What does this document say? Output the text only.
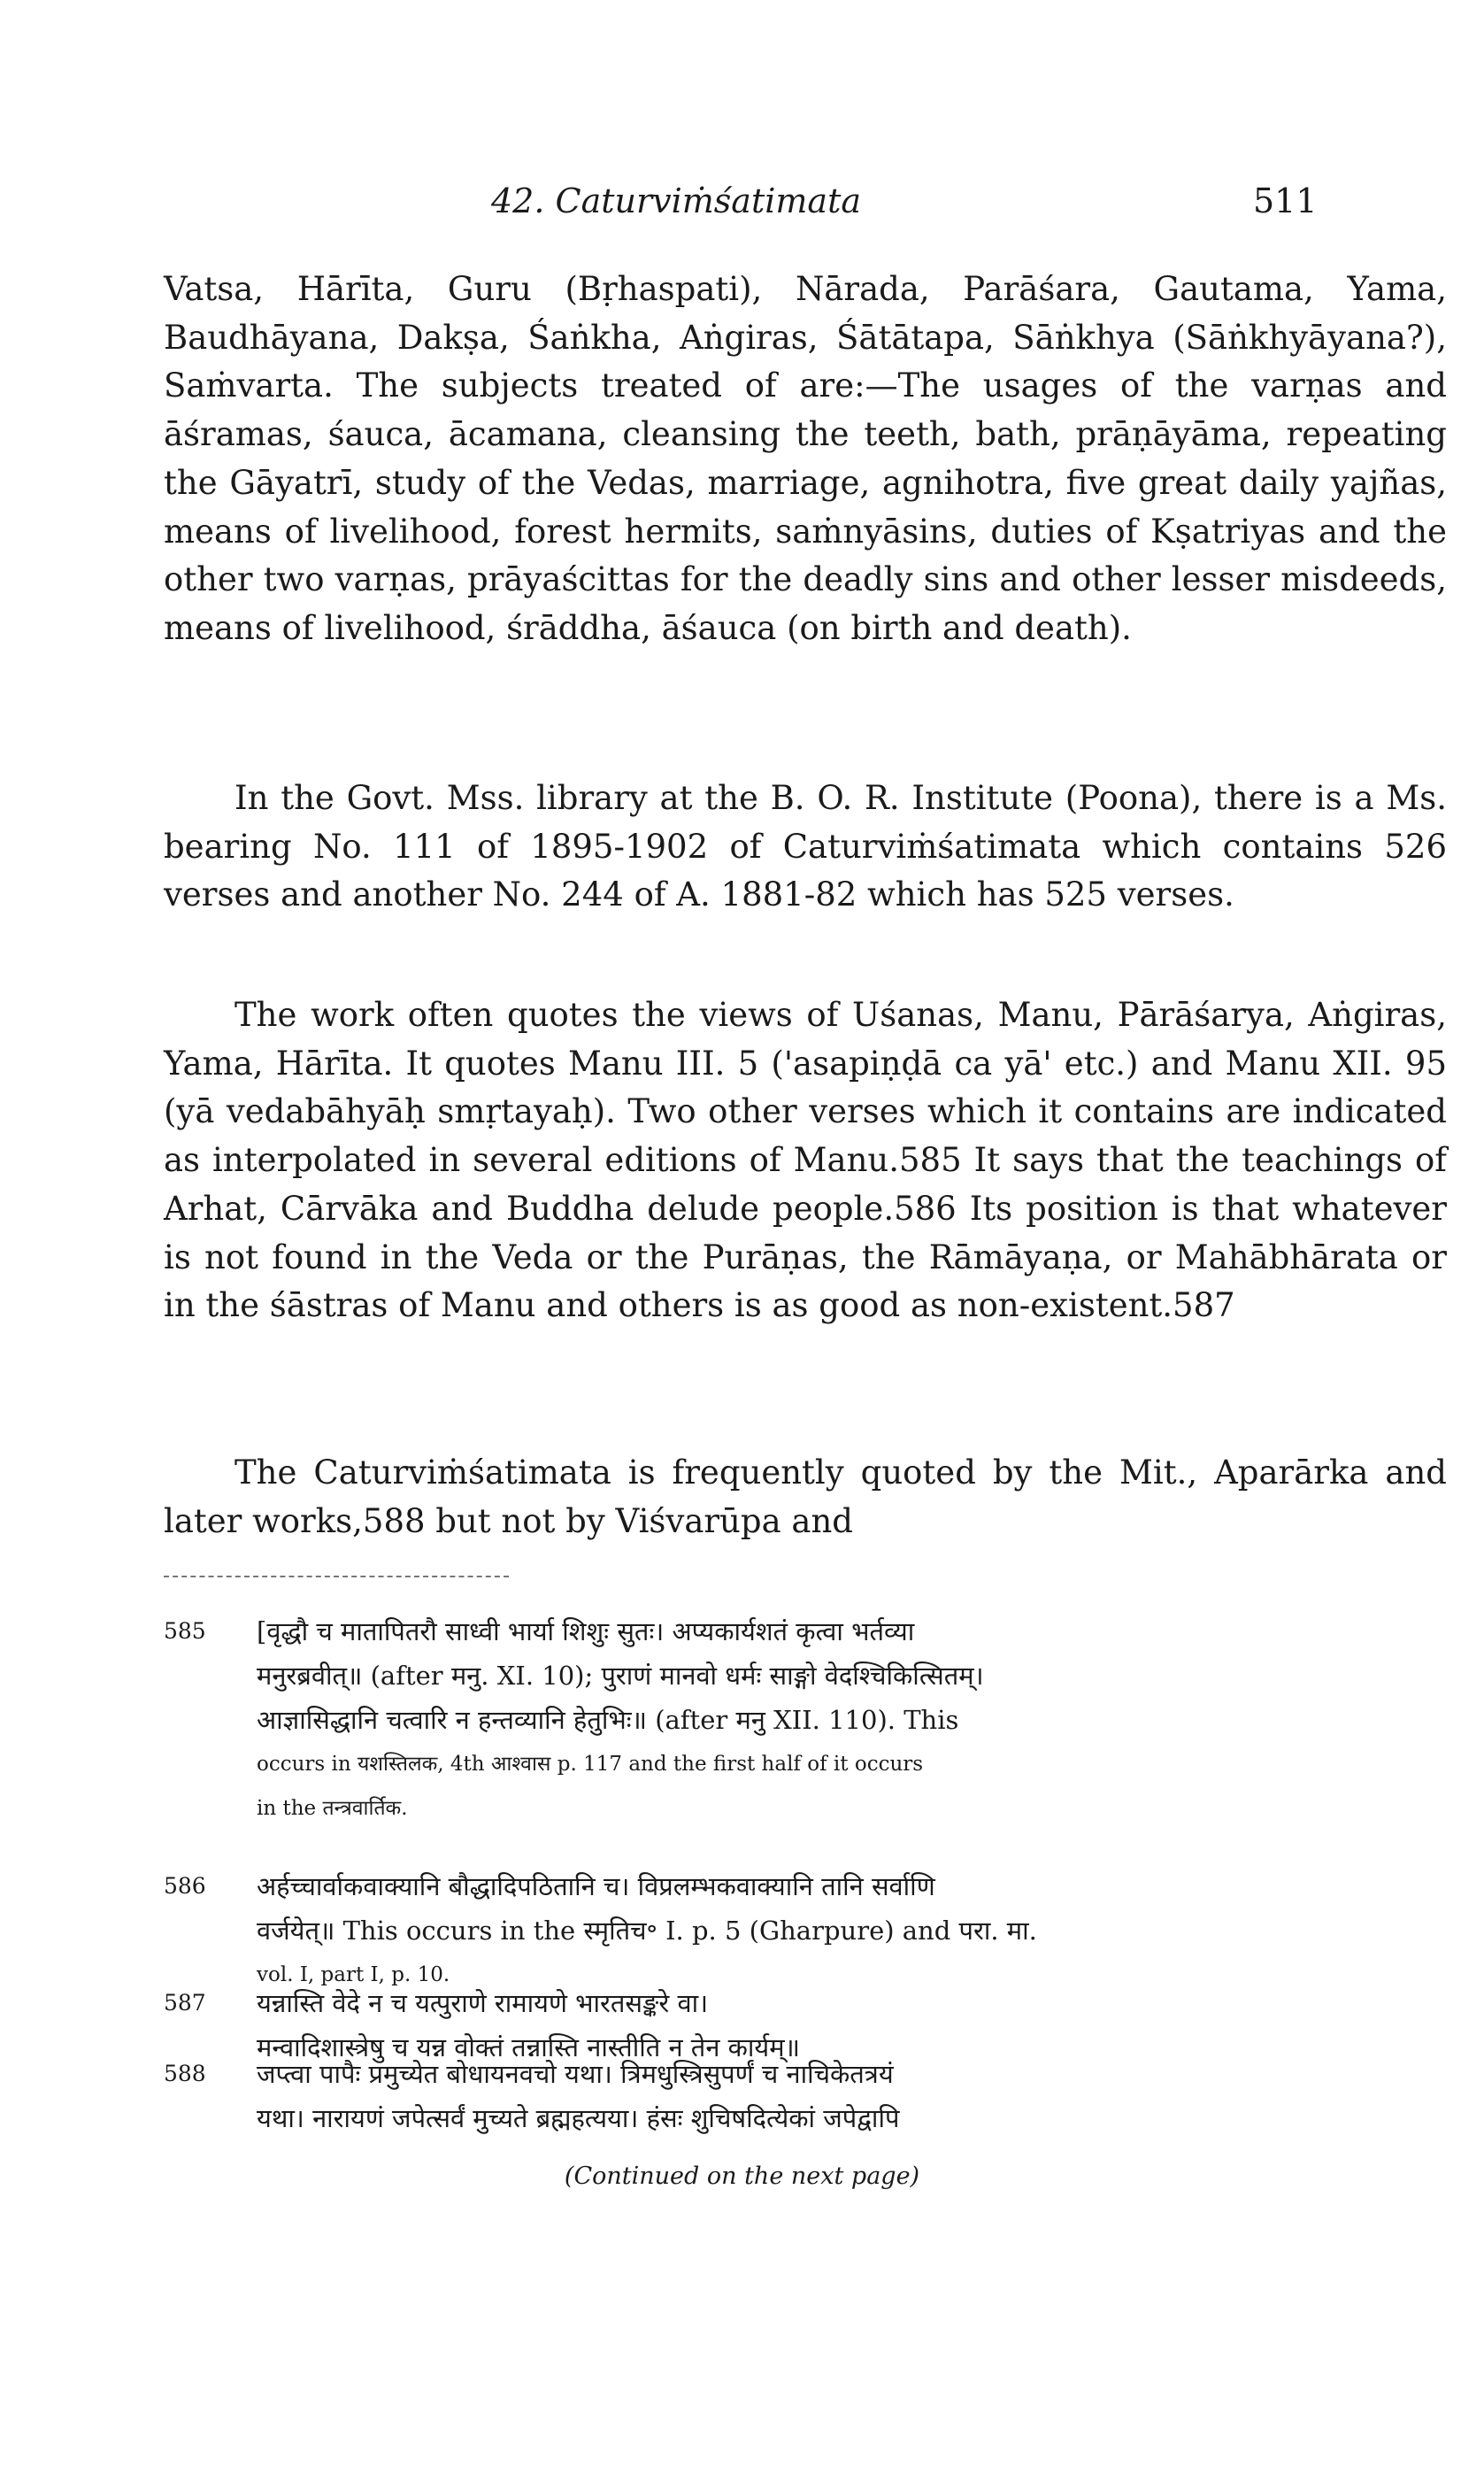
42. Caturviṁśatimata	511
Vatsa, Hārīta, Guru (Bṛhaspati), Nārada, Parāśara, Gautama, Yama, Baudhāyana, Dakṣa, Śaṅkha, Aṅgiras, Śātātapa, Sāṅkhya (Sāṅkhyāyana?), Saṁvarta. The subjects treated of are:—The usages of the varṇas and āśramas, śauca, ācamana, cleansing the teeth, bath, prāṇāyāma, repeating the Gāyatrī, study of the Vedas, marriage, agnihotra, five great daily yajñas, means of livelihood, forest hermits, saṁnyāsins, duties of Kṣatriyas and the other two varṇas, prāyaścittas for the deadly sins and other lesser misdeeds, means of livelihood, śrāddha, āśauca (on birth and death).
In the Govt. Mss. library at the B. O. R. Institute (Poona), there is a Ms. bearing No. 111 of 1895-1902 of Caturviṁśatimata which contains 526 verses and another No. 244 of A. 1881-82 which has 525 verses.
The work often quotes the views of Uśanas, Manu, Pārāśarya, Aṅgiras, Yama, Hārīta. It quotes Manu III. 5 ('asapiṇḍā ca yā' etc.) and Manu XII. 95 (yā vedabāhyāḥ smṛtayaḥ). Two other verses which it contains are indicated as interpolated in several editions of Manu.585 It says that the teachings of Arhat, Cārvāka and Buddha delude people.586 Its position is that whatever is not found in the Veda or the Purāṇas, the Rāmāyaṇa, or Mahābhārata or in the śāstras of Manu and others is as good as non-existent.587
The Caturviṁśatimata is frequently quoted by the Mit., Aparārka and later works,588 but not by Viśvarūpa and
585	[वृद्धौ च मातापितरौ साध्वी भार्या शिशुः सुतः। अप्यकार्यशतं कृत्वा भर्तव्या
मनुरब्रवीत्॥ (after मनु. XI. 10); पुराणं मानवो धर्मः साङ्गो वेदश्चिकित्सितम्।
आज्ञासिद्धानि चत्वारि न हन्तव्यानि हेतुभिः॥ (after मनु XII. 110). This
occurs in यशस्तिलक, 4th आश्वास p. 117 and the first half of it occurs
in the तन्त्रवार्तिक.
586	अर्हच्चार्वाकवाक्यानि बौद्धादिपठितानि च। विप्रलम्भकवाक्यानि तानि सर्वाणि
वर्जयेत्॥ This occurs in the स्मृतिच॰ I. p. 5 (Gharpure) and परा. मा.
vol. I, part I, p. 10.
587	यन्नास्ति वेदे न च यत्पुराणे रामायणे भारतसङ्करे वा।
मन्वादिशास्त्रेषु च यन्न वोक्तं तन्नास्ति नास्तीति न तेन कार्यम्॥
588	जप्त्वा पापैः प्रमुच्येत बोधायनवचो यथा। त्रिमधुस्त्रिसुपर्णं च नाचिकेतत्रयं
यथा। नारायणं जपेत्सर्वं मुच्यते ब्रह्महत्यया। हंसः शुचिषदित्येकां जपेद्वापि
(Continued on the next page)
